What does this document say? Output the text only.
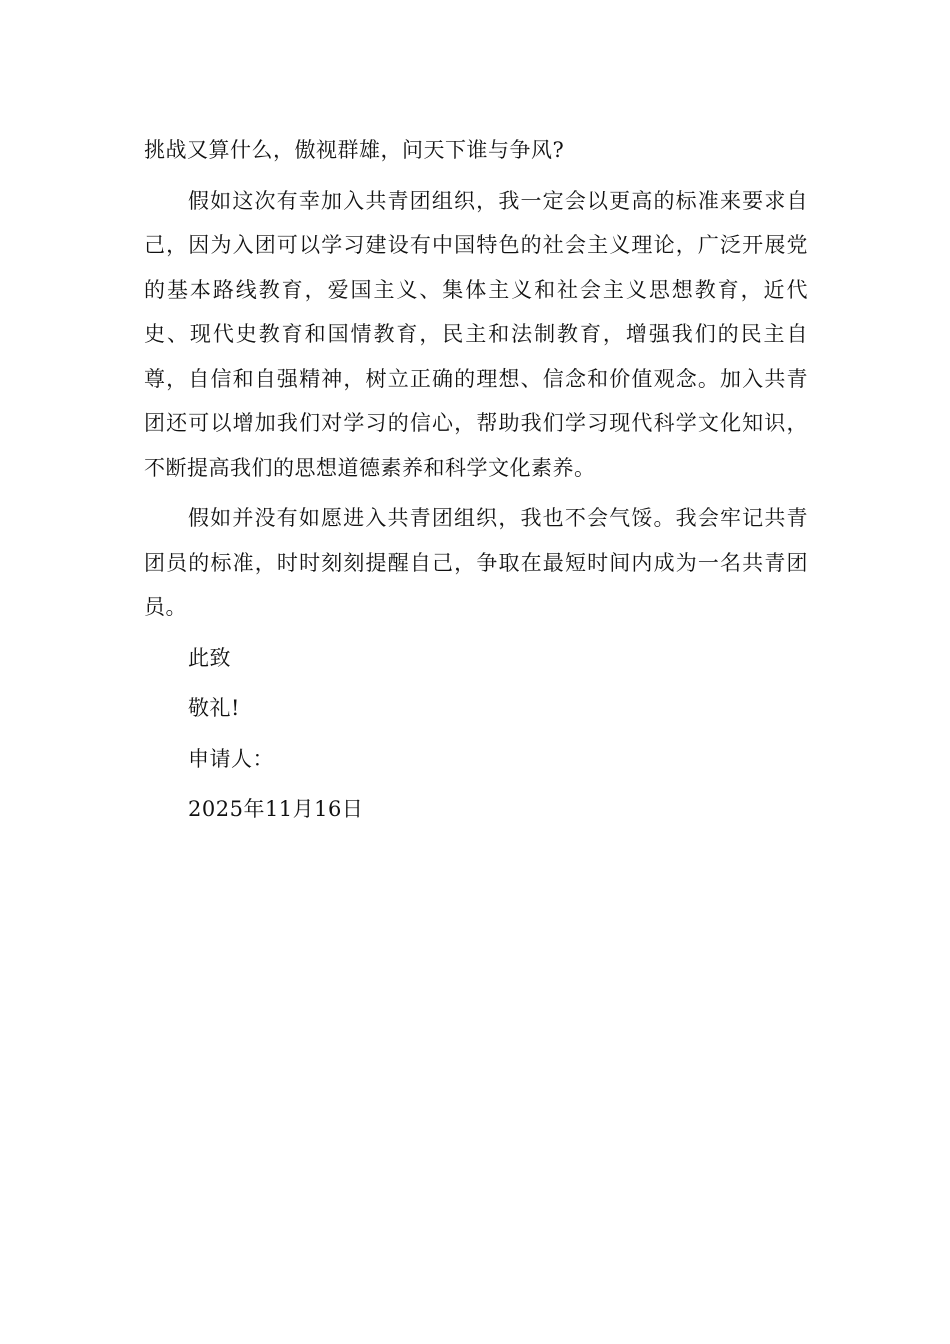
挑战又算什么，傲视群雄，问天下谁与争风?

假如这次有幸加入共青团组织，我一定会以更高的标准来要求自己，因为入团可以学习建设有中国特色的社会主义理论，广泛开展党的基本路线教育，爱国主义、集体主义和社会主义思想教育，近代史、现代史教育和国情教育，民主和法制教育，增强我们的民主自尊，自信和自强精神，树立正确的理想、信念和价值观念。加入共青团还可以增加我们对学习的信心，帮助我们学习现代科学文化知识，不断提高我们的思想道德素养和科学文化素养。

假如并没有如愿进入共青团组织，我也不会气馁。我会牢记共青团员的标准，时时刻刻提醒自己，争取在最短时间内成为一名共青团员。

此致

敬礼!

申请人：

2025年11月16日
